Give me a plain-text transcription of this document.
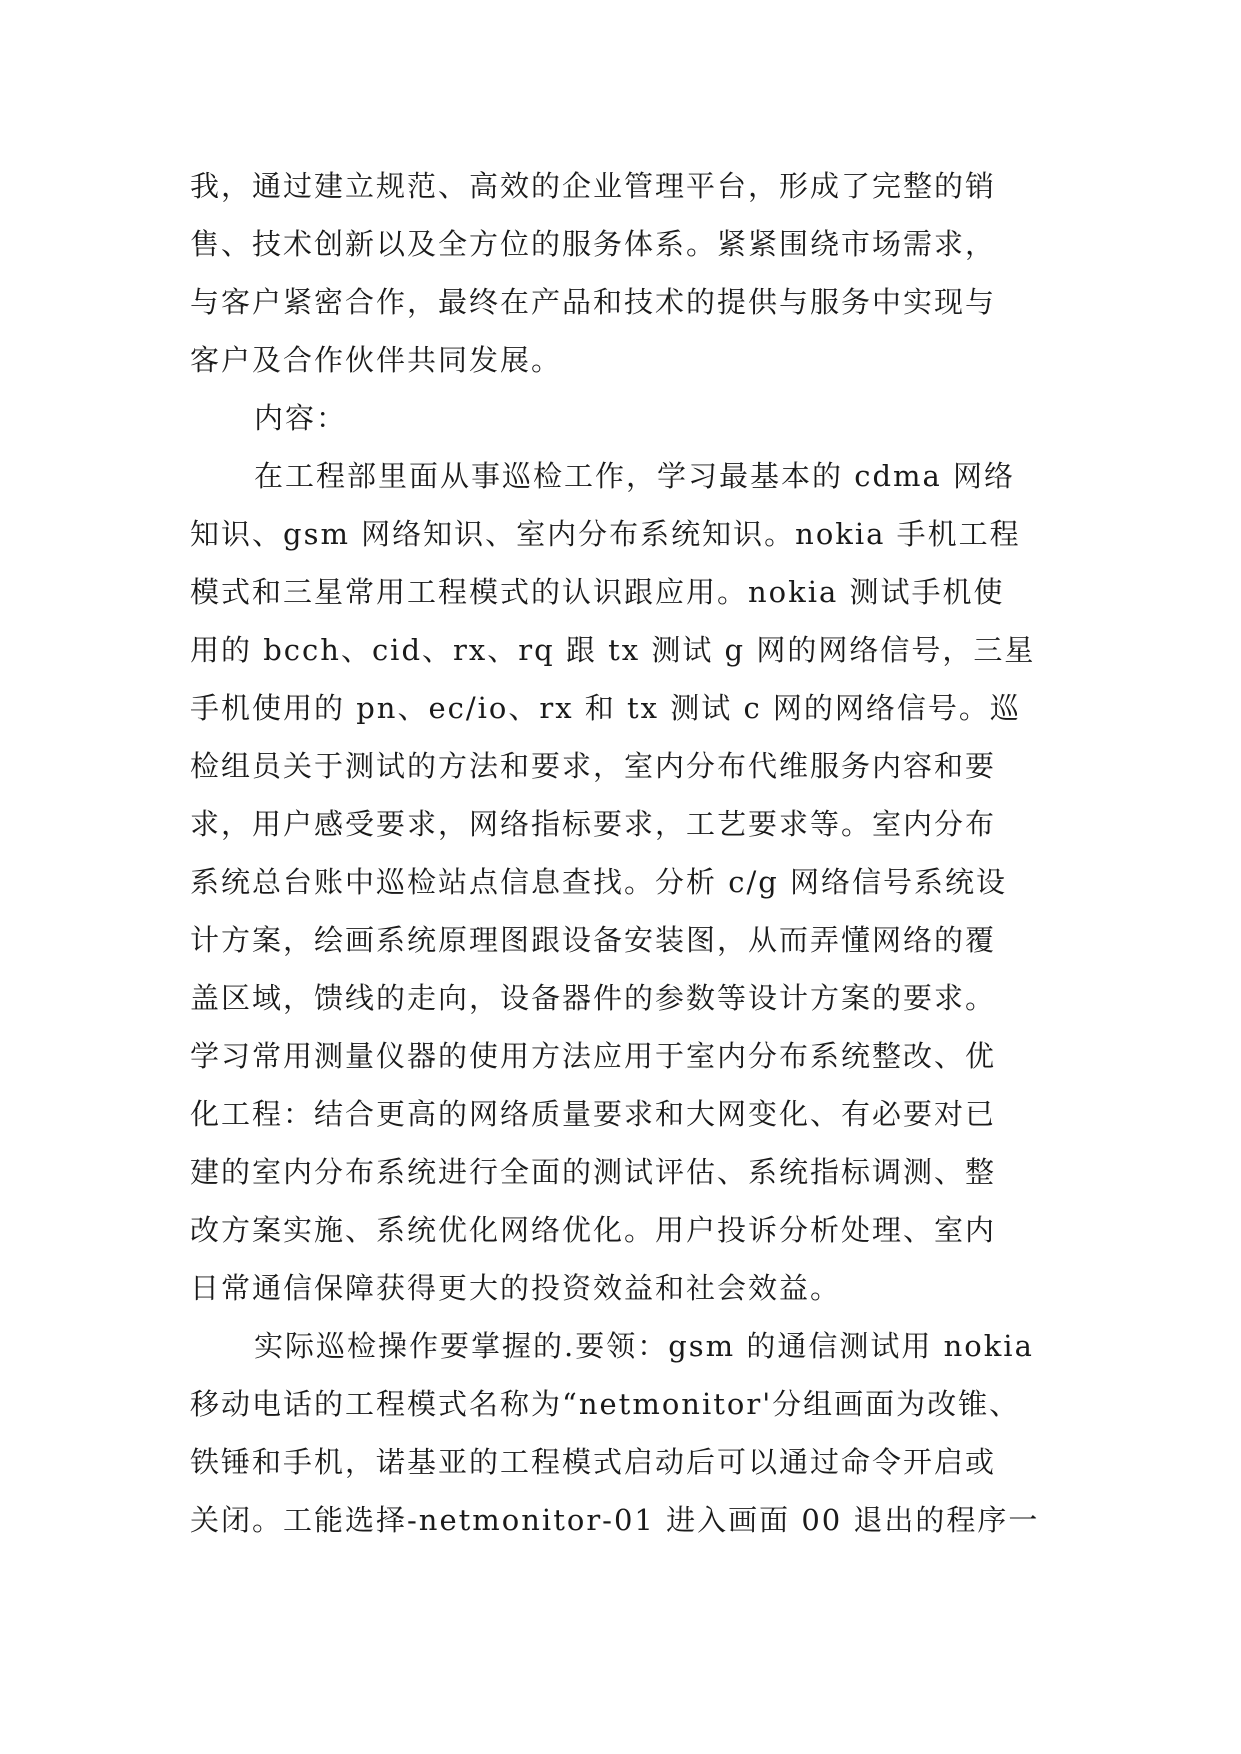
我，通过建立规范、高效的企业管理平台，形成了完整的销
售、技术创新以及全方位的服务体系。紧紧围绕市场需求，
与客户紧密合作，最终在产品和技术的提供与服务中实现与
客户及合作伙伴共同发展。
内容：
在工程部里面从事巡检工作，学习最基本的 cdma 网络
知识、gsm 网络知识、室内分布系统知识。nokia 手机工程
模式和三星常用工程模式的认识跟应用。nokia 测试手机使
用的 bcch、cid、rx、rq 跟 tx 测试 g 网的网络信号，三星
手机使用的 pn、ec/io、rx 和 tx 测试 c 网的网络信号。巡
检组员关于测试的方法和要求，室内分布代维服务内容和要
求，用户感受要求，网络指标要求，工艺要求等。室内分布
系统总台账中巡检站点信息查找。分析 c/g 网络信号系统设
计方案，绘画系统原理图跟设备安装图，从而弄懂网络的覆
盖区域，馈线的走向，设备器件的参数等设计方案的要求。
学习常用测量仪器的使用方法应用于室内分布系统整改、优
化工程：结合更高的网络质量要求和大网变化、有必要对已
建的室内分布系统进行全面的测试评估、系统指标调测、整
改方案实施、系统优化网络优化。用户投诉分析处理、室内
日常通信保障获得更大的投资效益和社会效益。
实际巡检操作要掌握的.要领：gsm 的通信测试用 nokia
移动电话的工程模式名称为“netmonitor'分组画面为改锥、
铁锤和手机，诺基亚的工程模式启动后可以通过命令开启或
关闭。工能选择-netmonitor-01 进入画面 00 退出的程序一
